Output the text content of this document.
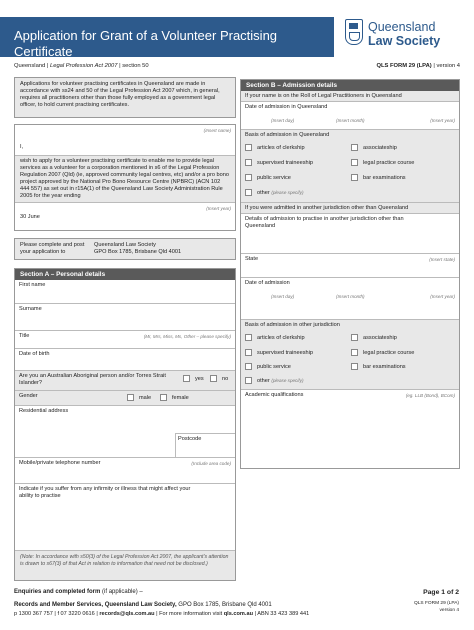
Application for Grant of a Volunteer Practising Certificate
Queensland
Law Society
Queensland | Legal Profession Act 2007 | section 50	QLS FORM 29 (LPA) | version 4
Applications for volunteer practising certificates in Queensland are made in accordance with ss24 and 50 of the Legal Profession Act 2007 which, in general, requires all practitioners other than those fully employed as a government legal officer, to hold current practising certificates.
(Insert name)
I,
wish to apply for a volunteer practising certificate to enable me to provide legal services as a volunteer for a corporation mentioned in s6 of the Legal Profession Regulation 2007 (Qld) (ie, approved community legal centres, etc) and/or a pro bono project approved by the National Pro Bono Resource Centre (NPBRC) (ACN 102 444 557) as set out in r15A(1) of the Queensland Law Society Administration Rule 2005 for the year ending
(Insert year)
30 June
Please complete and post your application to
Queensland Law Society
GPO Box 1785, Brisbane Qld 4001
Section A – Personal details
First name
Surname
Title	(Mr, Mrs, Miss, Ms, Other – please specify)
Date of birth
Are you an Australian Aboriginal person and/or Torres Strait Islander?
yes	no
Gender	male	female
Residential address
Postcode
Mobile/private telephone number	(Include area code)
Indicate if you suffer from any infirmity or illness that might affect your ability to practise
(Note: In accordance with s50(3) of the Legal Profession Act 2007, the applicant's attention is drawn to s67(3) of that Act in relation to information that need not be disclosed.)
Section B – Admission details
If your name is on the Roll of Legal Practitioners in Queensland
Date of admission in Queensland
(Insert day)	(Insert month)	(Insert year)
Basis of admission in Queensland
articles of clerkship	associateship
supervised traineeship	legal practice course
public service	bar examinations
other (please specify)
If you were admitted in another jurisdiction other than Queensland
Details of admission to practise in another jurisdiction other than Queensland
State	(Insert state)
Date of admission
(Insert day)	(Insert month)	(Insert year)
Basis of admission in other jurisdiction
articles of clerkship	associateship
supervised traineeship	legal practice course
public service	bar examinations
other (please specify)
Academic qualifications	(eg. LLB (Bond), BCom)
Enquiries and completed form (if applicable) –
Records and Member Services, Queensland Law Society, GPO Box 1785, Brisbane Qld 4001
p 1300 367 757 | f 07 3220 0616 | records@qls.com.au | For more information visit qls.com.au | ABN 33 423 389 441
Page 1 of 2
QLS FORM 29 (LPA)
version 4
